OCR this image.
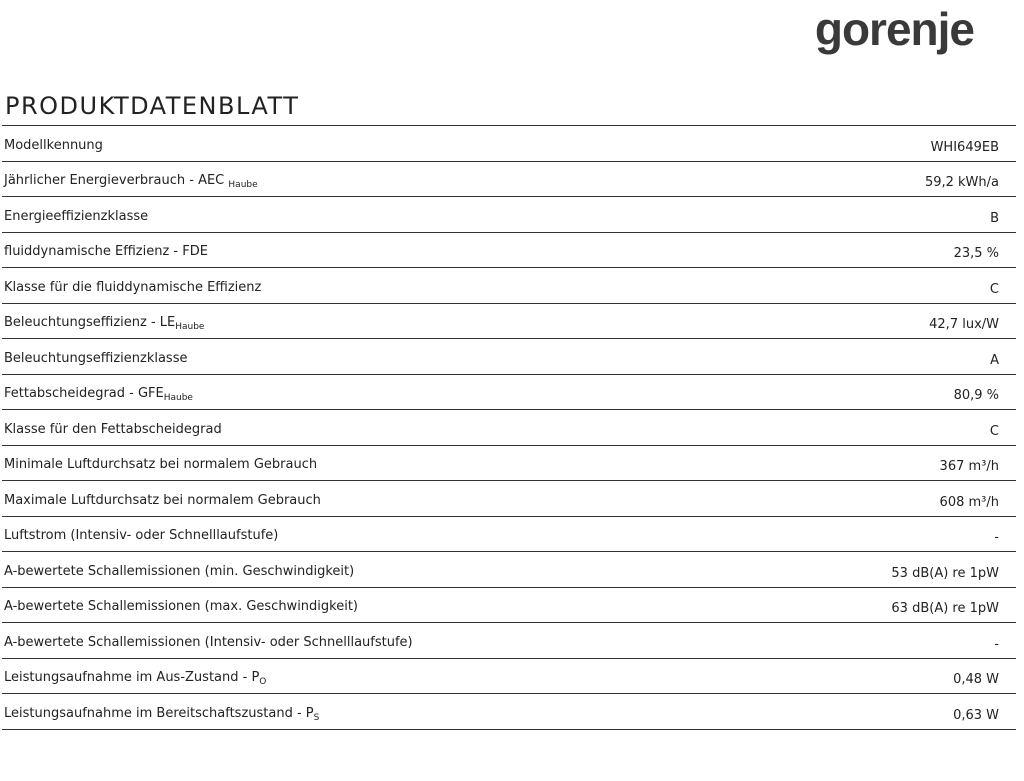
gorenje
PRODUKTDATENBLATT
Modellkennung	WHI649EB
Jährlicher Energieverbrauch - AEC $_{Haube}$	59,2 kWh/a
Energieeffizienzklasse	B
fluiddynamische Effizienz - FDE	23,5 %
Klasse für die fluiddynamische Effizienz	C
Beleuchtungseffizienz - $LE_{Haube}$	42,7 lux/W
Beleuchtungseffizienzklasse	A
Fettabscheidegrad - $GFE_{Haube}$	80,9 %
Klasse für den Fettabscheidegrad	C
Minimale Luftdurchsatz bei normalem Gebrauch	367 m³/h
Maximale Luftdurchsatz bei normalem Gebrauch	608 m³/h
Luftstrom (Intensiv- oder Schnelllaufstufe)	-
A-bewertete Schallemissionen (min. Geschwindigkeit)	53 dB(A) re 1pW
A-bewertete Schallemissionen (max. Geschwindigkeit)	63 dB(A) re 1pW
A-bewertete Schallemissionen (Intensiv- oder Schnelllaufstufe)	-
Leistungsaufnahme im $Aus-Zustand - P_O$	0,48 W
Leistungsaufnahme im Bereitschaftszustand - $P_S$	0,63 W
